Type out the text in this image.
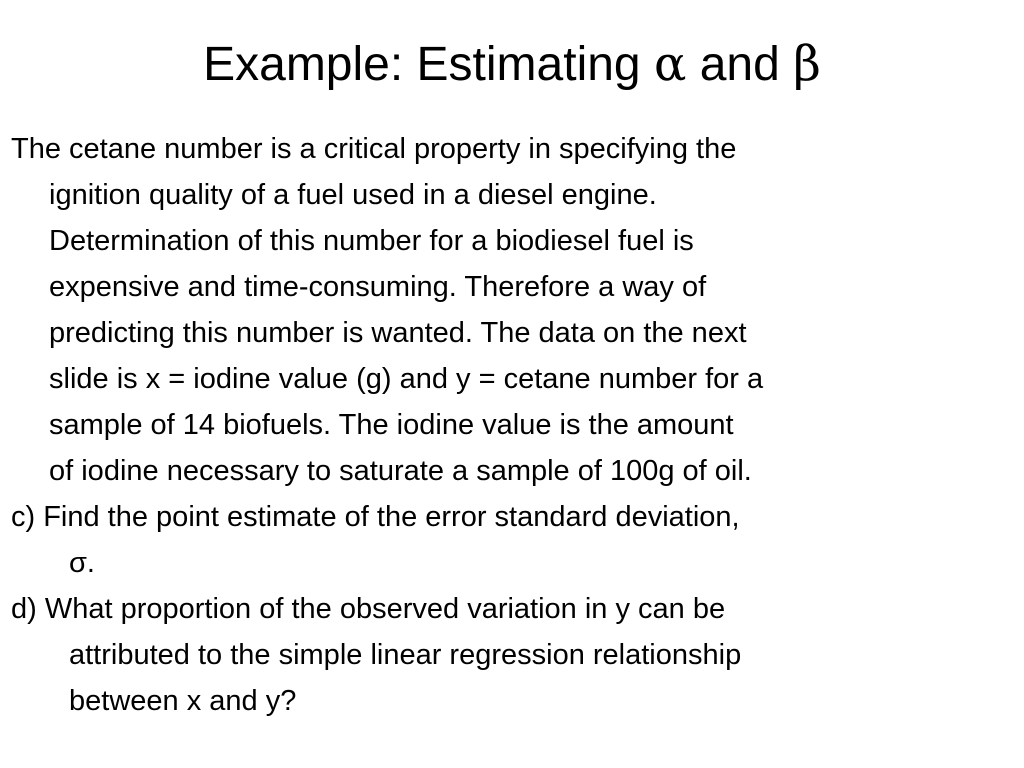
Example: Estimating α and β

The cetane number is a critical property in specifying the
ignition quality of a fuel used in a diesel engine.
Determination of this number for a biodiesel fuel is
expensive and time-consuming. Therefore a way of
predicting this number is wanted. The data on the next
slide is x = iodine value (g) and y = cetane number for a
sample of 14 biofuels. The iodine value is the amount
of iodine necessary to saturate a sample of 100g of oil.

c) Find the point estimate of the error standard deviation,
σ.

d) What proportion of the observed variation in y can be
attributed to the simple linear regression relationship
between x and y?
